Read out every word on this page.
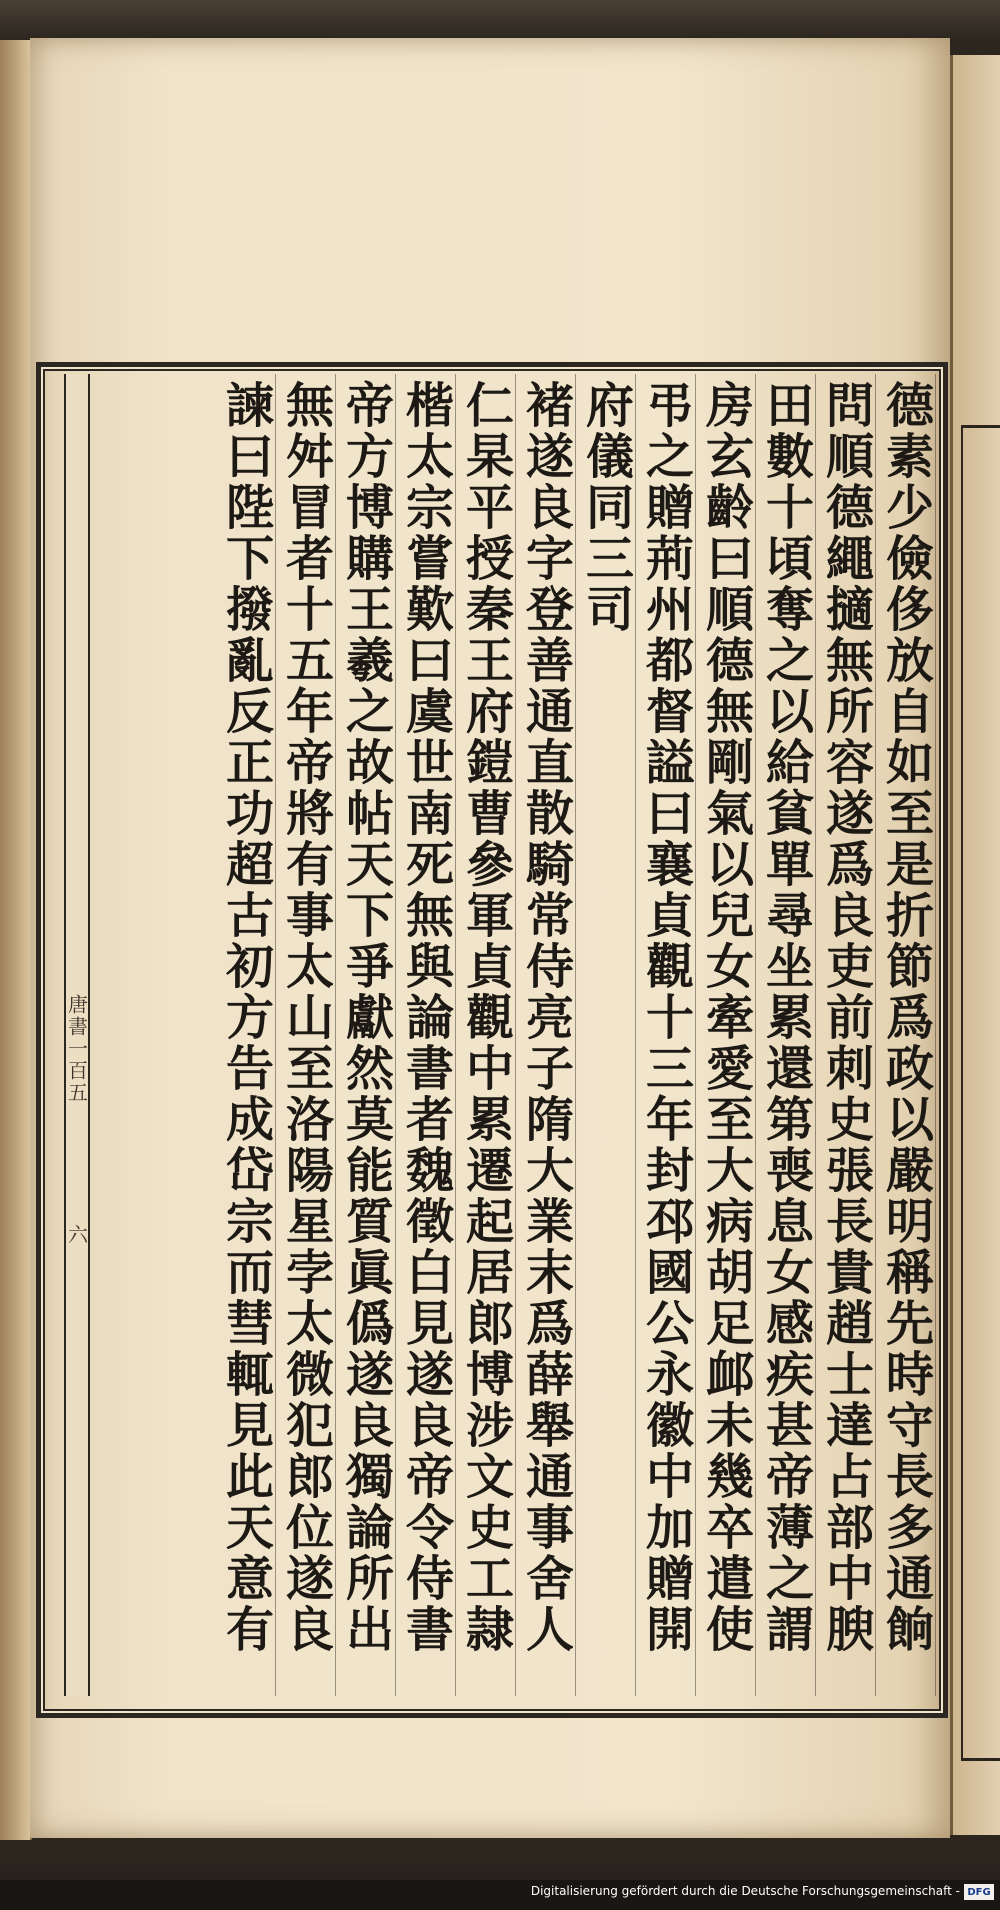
德素少儉侈放自如至是折節爲政以嚴明稱先時守長多通餉
問順德繩擿無所容遂爲良吏前刺史張長貴趙士達占部中腴
田數十頃奪之以給貧單尋坐累還第喪息女感疾甚帝薄之謂
房玄齡曰順德無剛氣以兒女牽愛至大病胡足䘏未幾卒遣使
弔之贈荊州都督謚曰襄貞觀十三年封邳國公永徽中加贈開
府儀同三司
褚遂良字登善通直散騎常侍亮子隋大業末爲薛舉通事舍人
仁杲平授秦王府鎧曹參軍貞觀中累遷起居郎博涉文史工隷
楷太宗嘗歎曰虞世南死無與論書者魏徵白見遂良帝令侍書
帝方博購王羲之故帖天下爭獻然莫能質眞僞遂良獨論所出
無舛冒者十五年帝將有事太山至洛陽星孛太微犯郎位遂良
諫曰陛下撥亂反正功超古初方告成岱宗而彗輒見此天意有
唐書一百五
六
Digitalisierung gefördert durch die Deutsche Forschungsgemeinschaft - DFG
